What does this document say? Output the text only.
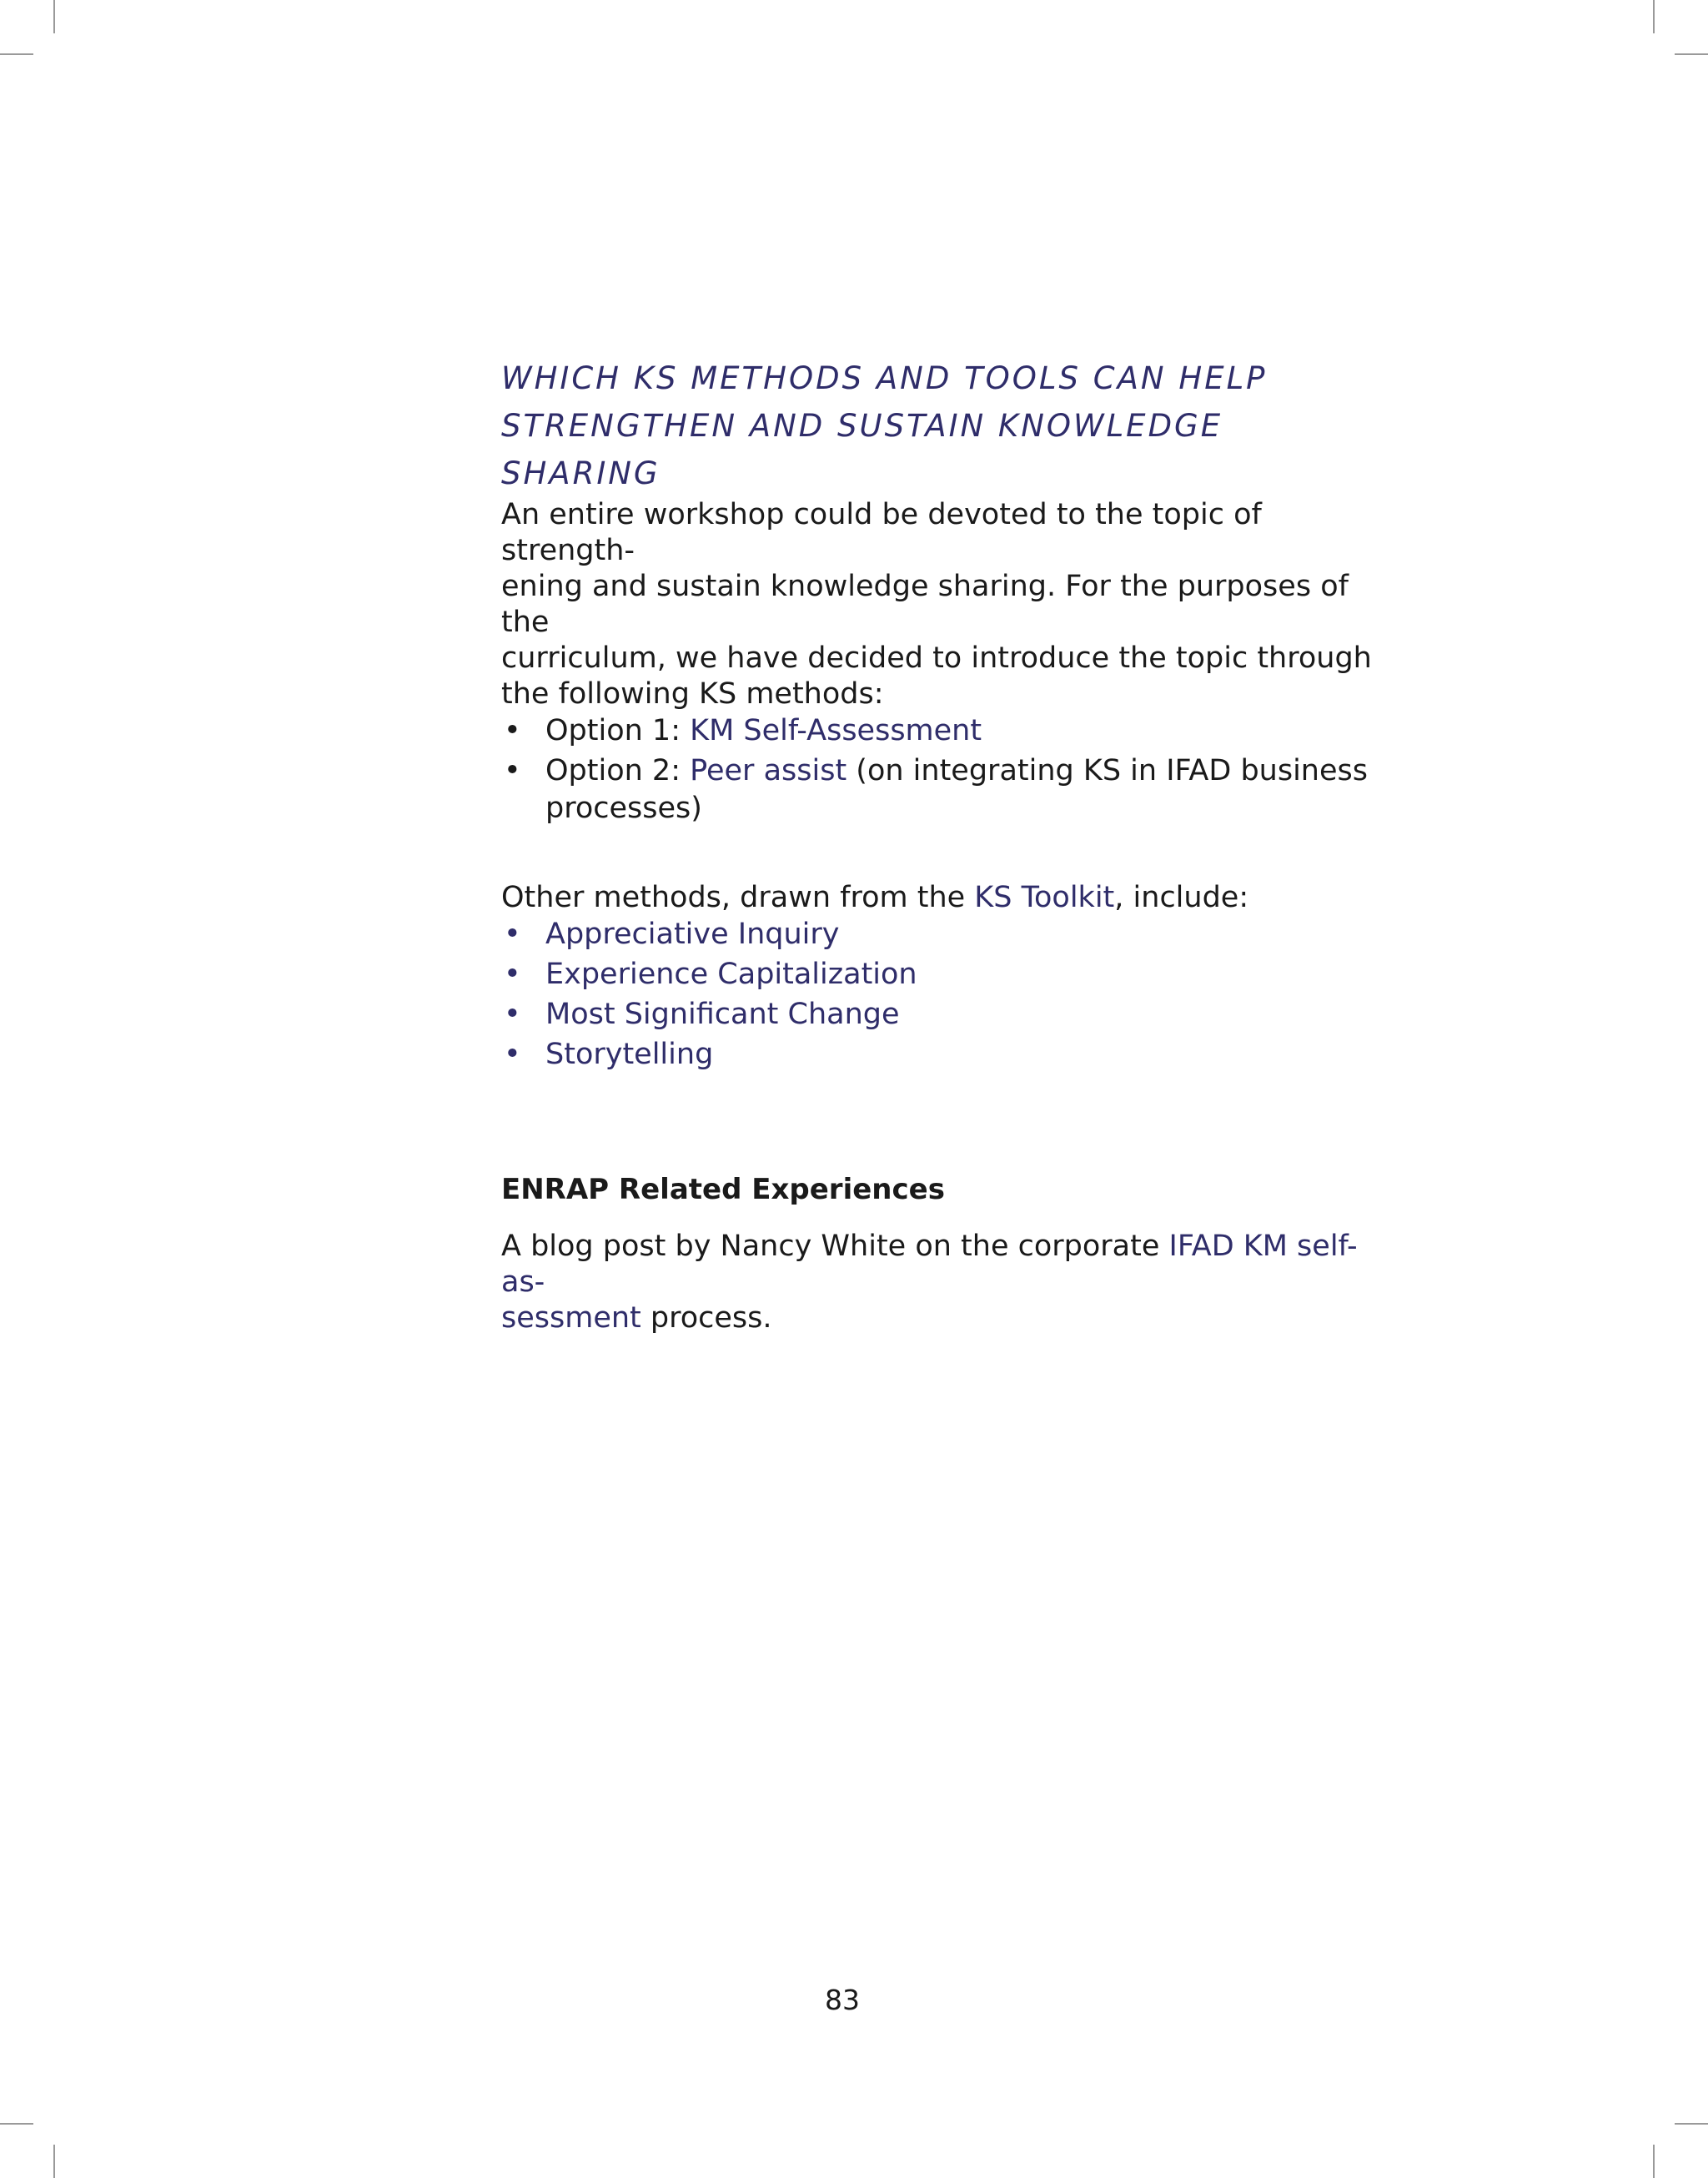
WHICH KS METHODS AND TOOLS CAN HELP
STRENGTHEN AND SUSTAIN KNOWLEDGE
SHARING

An entire workshop could be devoted to the topic of strength-
ening and sustain knowledge sharing. For the purposes of the
curriculum, we have decided to introduce the topic through
the following KS methods:

• Option 1: KM Self-Assessment
• Option 2: Peer assist (on integrating KS in IFAD business
processes)

Other methods, drawn from the KS Toolkit, include:

• Appreciative Inquiry
• Experience Capitalization
• Most Significant Change
• Storytelling
ENRAP Related Experiences

A blog post by Nancy White on the corporate IFAD KM self-as-
sessment process.

83
